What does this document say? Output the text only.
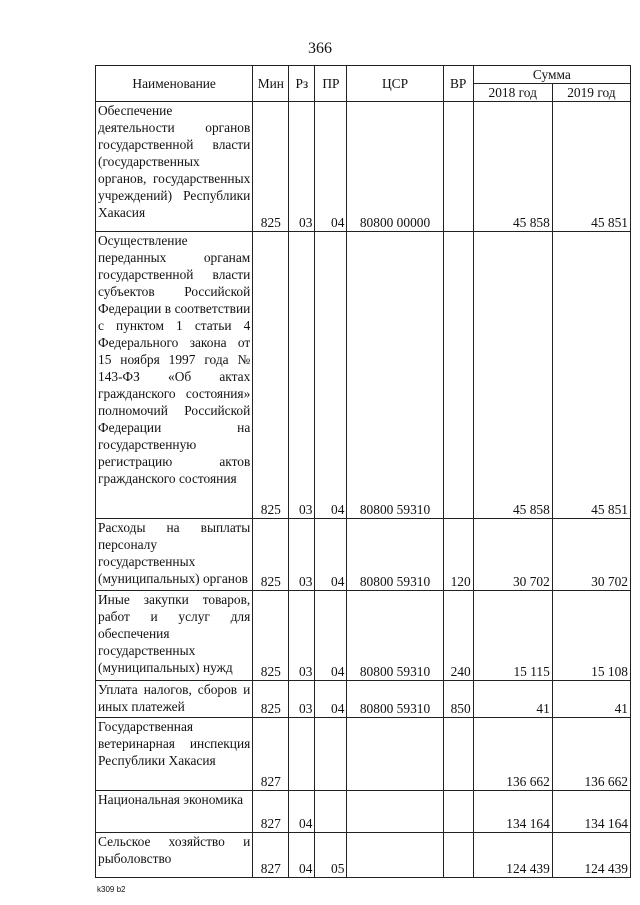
366
Наименование	Мин	Рз	ПР	ЦСР	ВР	Сумма	
						2018 год	2019 год
Обеспечение деятельности органов государственной власти (государственных органов, государственных учреждений) Республики Хакасия	825	03	04	80800 00000		45 858	45 851
Осуществление переданных органам государственной власти субъектов Российской Федерации в соответствии с пунктом 1 статьи 4 Федерального закона от 15 ноября 1997 года № 143-ФЗ «Об актах гражданского состояния» полномочий Российской Федерации на государственную регистрацию актов гражданского состояния	825	03	04	80800 59310		45 858	45 851
Расходы на выплаты персоналу государственных (муниципальных) органов	825	03	04	80800 59310	120	30 702	30 702
Иные закупки товаров, работ и услуг для обеспечения государственных (муниципальных) нужд	825	03	04	80800 59310	240	15 115	15 108
Уплата налогов, сборов и иных платежей	825	03	04	80800 59310	850	41	41
Государственная ветеринарная инспекция Республики Хакасия	827					136 662	136 662
Национальная экономика	827	04				134 164	134 164
Сельское хозяйство и рыболовство	827	04	05			124 439	124 439
k309 b2
